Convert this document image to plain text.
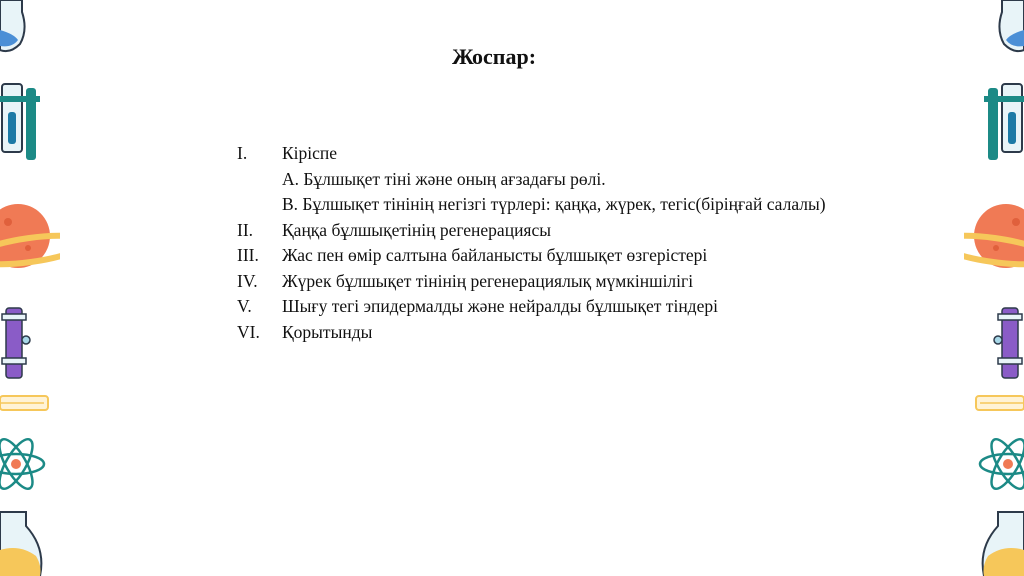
Жоспар:
I.	Кіріспе
А. Бұлшықет тіні және оның ағзадағы рөлі.
В. Бұлшықет тінінің негізгі түрлері: қаңқа, жүрек, тегіс(біріңғай салалы)
II.	Қаңқа бұлшықетінің регенерациясы
III.	Жас пен өмір салтына байланысты бұлшықет өзгерістері
IV.	Жүрек бұлшықет тінінің регенерациялық мүмкіншілігі
V.	Шығу тегі эпидермалды және нейралды бұлшықет тіндері
VI.	Қорытынды
